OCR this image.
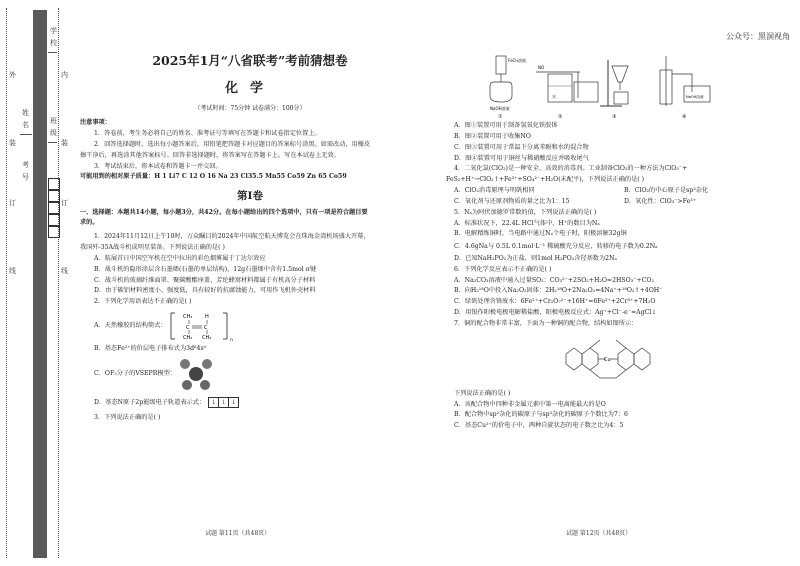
外
装
订
线
内
装
订
线
学
校
姓
名	班
级
考
号
公众号：黑洞视角
2025年1月“八省联考”考前猜想卷
化学
（考试时间：75分钟 试卷满分：100分）

注意事项：

1．答卷前，考生务必将自己的姓名、准考证号等填写在答题卡和试卷指定位置上。

2．回答选择题时，选出每小题答案后，用铅笔把答题卡对应题目的答案标号涂黑。如需改动，用橡皮

擦干净后，再选涂其他答案标号。回答非选择题时，将答案写在答题卡上。写在本试卷上无效。

3．考试结束后，将本试卷和答题卡一并交回。

可能用到的相对原子质量：H 1 Li7 C 12 O 16 Na 23 Cl35.5 Mn55 Co59 Zn 65 Co59

第Ⅰ卷

一、选择题：本题共14小题，每小题3分，共42分。在每小题给出的四个选项中，只有一项是符合题目要

求的。

1．2024年11月12日上午10时，万众瞩目的2024年中国航空航天博览会在珠海金湾机场盛大开幕，

我国歼-35A战斗机成明星装备。下列说法正确的是( )

A．航展首日中国空军机在空中拉出的彩色烟雾属于丁达尔效应

B．战斗机的隐形涂层含石墨烯(石墨的单层结构)，12g石墨烯中含有1.5mol σ键

C．战斗机的玻璃纤维面罩、聚碳酸酯座盖、芳纶蜂窝材料都属于有机高分子材料

D．由于碳铝材料密度小、强度低，具有较好的抗腐蚀能力，可用作飞机外壳材料

2．下列化学用语表达不正确的是( )

A．天然橡胶的结构简式：
CH₃	H
C	C
CH₂ CH₂	n

B．基态Fe²⁺的价层电子排布式为3d⁶4s⁰

C．OF₂分子的VSEPR模型：
D．基态N原子2p能级电子轨道表示式： ↓ ↓ ↓

3．下列说法正确的是( )

试题 第11页（共48页）
FeCl₃溶液
NaOH溶液
①
NO
水
②	③
NaOH溶液
④

A．图①装置可用于制备氢氧化铁胶体

B．图②装置可用于收集NO

C．图③装置可用于常温下分离苯酚和水的混合物

D．图④装置可用于铜丝与稀硝酸反应并吸收尾气

4．二氧化氯(ClO₂)是一种安全、高效的消毒剂。工业制备ClO₂的一种方法为ClO₃⁻+

FeS₂+H⁺→ClO₂↑+Fe³⁺+SO₄²⁻+H₂O(未配平)，下列说法正确的是( )

A．ClO₂消毒原理与明矾相同	B．ClO₂的中心原子是sp²杂化
C．氧化剂与还原剂物质的量之比为1：15	D．氧化性：ClO₃⁻>Fe³⁺

5．Nₐ为阿伏加德罗常数的值，下列说法正确的是( )

A．标准状况下，22.4L HCl气体中，H⁺的数目为Nₐ

B．电解精炼铜时，当电路中通过Nₐ个电子时，阳极溶解32g铜

C．4.6gNa与 0.5L 0.1mol·L⁻¹ 稀硫酸充分反应，转移的电子数为0.2Nₐ

D．已知NaH₂PO₂为正盐，则1mol H₃PO₂含羟基数为2Nₐ

6．下列化学反应表示不正确的是( )

A．Na₂CO₃溶液中通入过量SO₂：CO₃²⁻+2SO₂+H₂O=2HSO₃⁻+CO₂

B．向H₂¹⁸O中投入Na₂O₂固体：2H₂¹⁸O+2Na₂O₂=4Na⁺+¹⁸O₂↑+4OH⁻

C．绿矾处理含铬废水：6Fe²⁺+Cr₂O₇²⁻+16H⁺=6Fe³⁺+2Cr³⁺+7H₂O

D．用银作阳极电极电解稀盐酸，阳极电极反应式：Ag⁺+Cl⁻-e⁻=AgCl↓

7．铜的配合物非常丰富，下面为一种铜的配合物，结构如图所示：

Cu

下列说法正确的是( )

A．该配合物中四种非金属元素中第一电离能最大的是O

B．配合物中sp²杂化的碳原子与sp³杂化的碳原子个数比为7：6

C．基态Cu²⁺的价电子中，两种自旋状态的电子数之比为4：5

试题 第12页（共48页）
